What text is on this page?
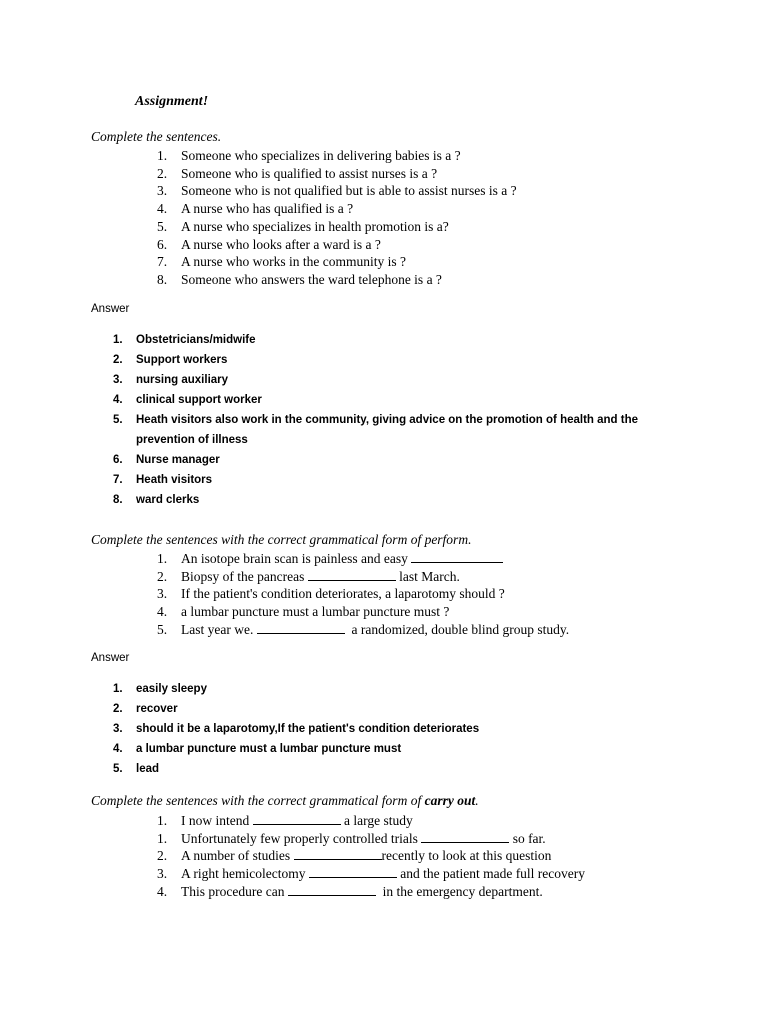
Assignment!
Complete the sentences.
1. Someone who specializes in delivering babies is a ?
2. Someone who is qualified to assist nurses is a ?
3. Someone who is not qualified but is able to assist nurses is a ?
4. A nurse who has qualified is a ?
5. A nurse who specializes in health promotion is a?
6. A nurse who looks after a ward is a ?
7. A nurse who works in the community is ?
8. Someone who answers the ward telephone is a ?
Answer
1. Obstetricians/midwife
2. Support workers
3. nursing auxiliary
4. clinical support worker
5. Heath visitors also work in the community, giving advice on the promotion of health and the prevention of illness
6. Nurse manager
7. Heath visitors
8. ward clerks
Complete the sentences with the correct grammatical form of perform.
1. An isotope brain scan is painless and easy
2. Biopsy of the pancreas	last March.
3. If the patient's condition deteriorates, a laparotomy should ?
4. a lumbar puncture must a lumbar puncture must ?
5. Last year we.	a randomized, double blind group study.
Answer
1. easily sleepy
2. recover
3. should it be a laparotomy,If the patient's condition deteriorates
4. a lumbar puncture must a lumbar puncture must
5. lead
Complete the sentences with the correct grammatical form of carry out.
1. I now intend	a large study
1. Unfortunately few properly controlled trials	so far.
2. A number of studies	recently to look at this question
3. A right hemicolectomy	and the patient made full recovery
4. This procedure can	in the emergency department.
